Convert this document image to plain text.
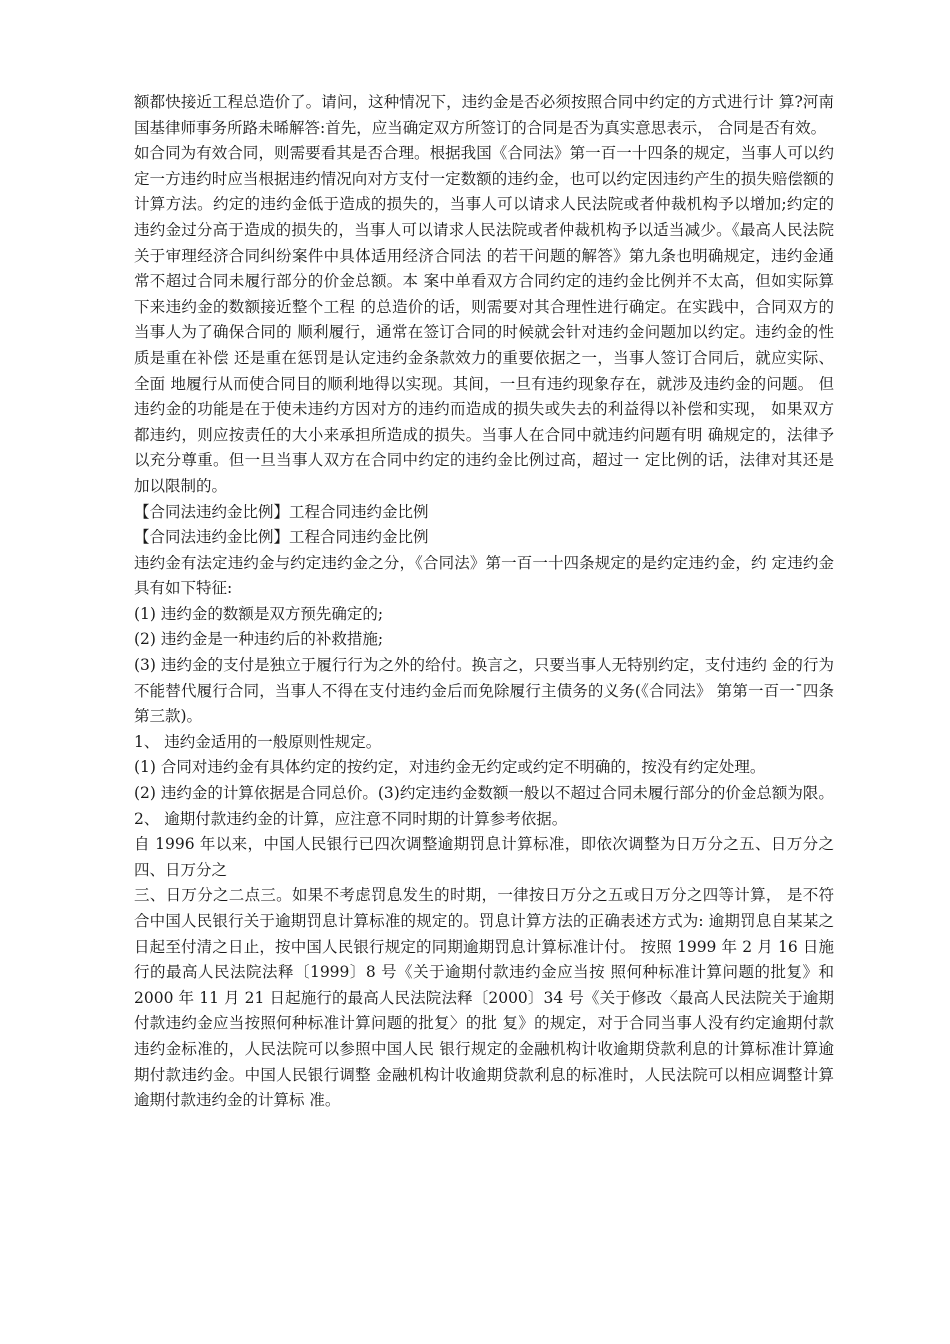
额都快接近工程总造价了。请问，这种情况下，违约金是否必须按照合同中约定的方式进行计 算?河南国基律师事务所路未晞解答:首先，应当确定双方所签订的合同是否为真实意思表示， 合同是否有效。

如合同为有效合同，则需要看其是否合理。根据我国《合同法》第一百一十四条的规定，当事人可以约定一方违约时应当根据违约情况向对方支付一定数额的违约金，也可以约定因违约产生的损失赔偿额的计算方法。约定的违约金低于造成的损失的，当事人可以请求人民法院或者仲裁机构予以增加;约定的违约金过分高于造成的损失的，当事人可以请求人民法院或者仲裁机构予以适当减少。《最高人民法院关于审理经济合同纠纷案件中具体适用经济合同法 的若干问题的解答》第九条也明确规定，违约金通常不超过合同未履行部分的价金总额。本 案中单看双方合同约定的违约金比例并不太高，但如实际算下来违约金的数额接近整个工程 的总造价的话，则需要对其合理性进行确定。在实践中，合同双方的当事人为了确保合同的 顺利履行，通常在签订合同的时候就会针对违约金问题加以约定。违约金的性质是重在补偿 还是重在惩罚是认定违约金条款效力的重要依据之一，当事人签订合同后，就应实际、全面 地履行从而使合同目的顺利地得以实现。其间，一旦有违约现象存在，就涉及违约金的问题。 但违约金的功能是在于使未违约方因对方的违约而造成的损失或失去的利益得以补偿和实现， 如果双方都违约，则应按责任的大小来承担所造成的损失。当事人在合同中就违约问题有明 确规定的，法律予以充分尊重。但一旦当事人双方在合同中约定的违约金比例过高，超过一 定比例的话，法律对其还是加以限制的。

【合同法违约金比例】工程合同违约金比例

【合同法违约金比例】工程合同违约金比例

违约金有法定违约金与约定违约金之分，《合同法》第一百一十四条规定的是约定违约金，约 定违约金具有如下特征:

(1) 违约金的数额是双方预先确定的;

(2) 违约金是一种违约后的补救措施;

(3) 违约金的支付是独立于履行行为之外的给付。换言之，只要当事人无特别约定，支付违约 金的行为不能替代履行合同，当事人不得在支付违约金后而免除履行主债务的义务(《合同法》 第第一百一ˉ四条第三款)。

1、 违约金适用的一般原则性规定。

(1) 合同对违约金有具体约定的按约定，对违约金无约定或约定不明确的，按没有约定处理。

(2) 违约金的计算依据是合同总价。(3)约定违约金数额一般以不超过合同未履行部分的价金总额为限。

2、 逾期付款违约金的计算，应注意不同时期的计算参考依据。

自 1996 年以来，中国人民银行已四次调整逾期罚息计算标准，即依次调整为日万分之五、日万分之四、日万分之

三、日万分之二点三。如果不考虑罚息发生的时期，一律按日万分之五或日万分之四等计算， 是不符合中国人民银行关于逾期罚息计算标准的规定的。罚息计算方法的正确表述方式为: 逾期罚息自某某之日起至付清之日止，按中国人民银行规定的同期逾期罚息计算标准计付。 按照 1999 年 2 月 16 日施行的最高人民法院法释〔1999〕8 号《关于逾期付款违约金应当按 照何种标准计算问题的批复》和 2000 年 11 月 21 日起施行的最高人民法院法释〔2000〕34 号《关于修改〈最高人民法院关于逾期付款违约金应当按照何种标准计算问题的批复〉的批 复》的规定，对于合同当事人没有约定逾期付款违约金标准的，人民法院可以参照中国人民 银行规定的金融机构计收逾期贷款利息的计算标准计算逾期付款违约金。中国人民银行调整 金融机构计收逾期贷款利息的标准时，人民法院可以相应调整计算逾期付款违约金的计算标 准。
